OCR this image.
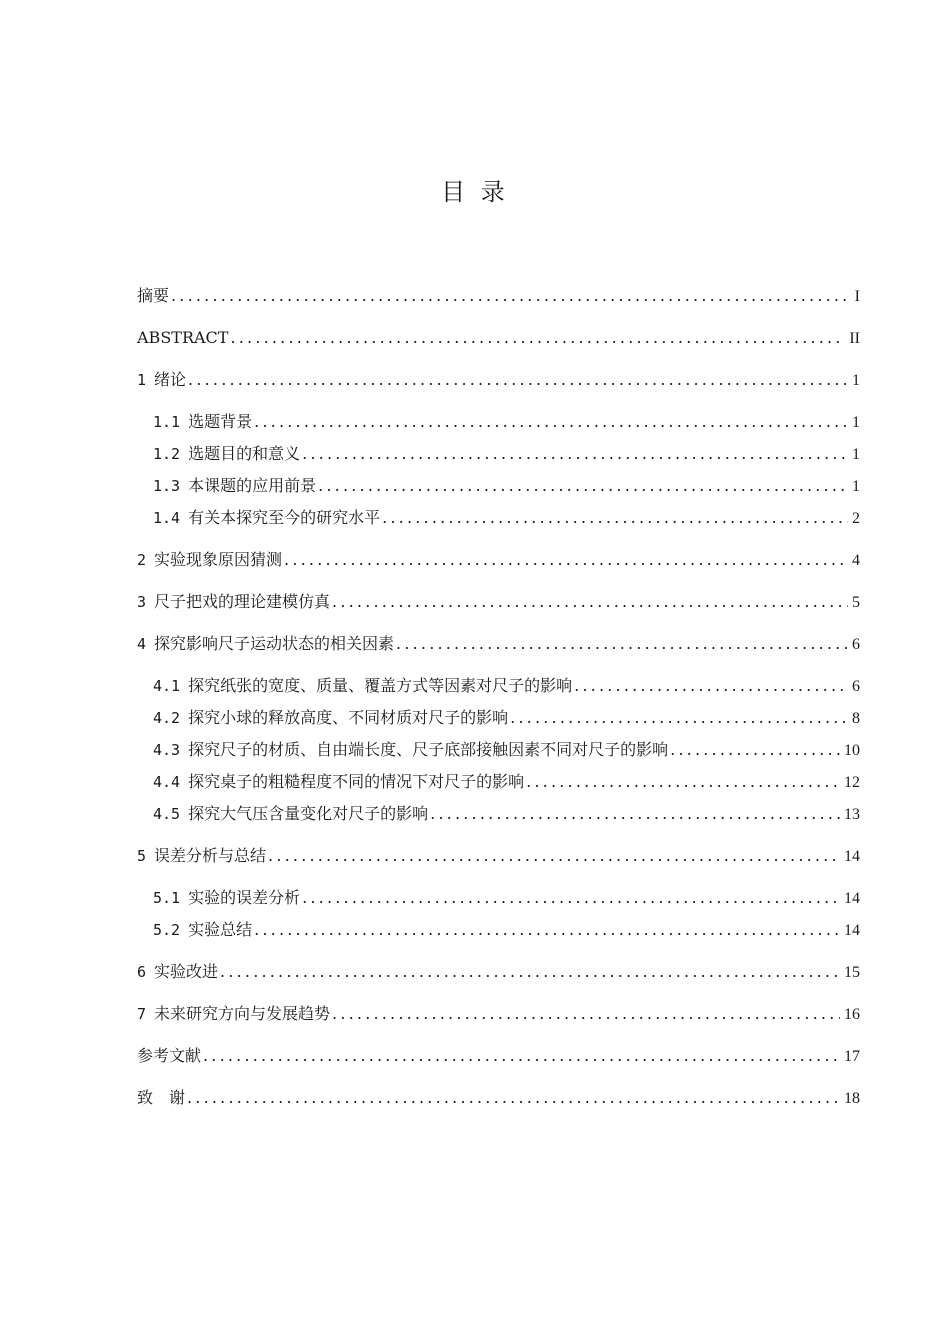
目 录
摘要 .....	I
ABSTRACT .....	II
1 绪论 .....	1
1.1 选题背景 .....	1
1.2 选题目的和意义 .....	1
1.3 本课题的应用前景 .....	1
1.4 有关本探究至今的研究水平 .....	2
2 实验现象原因猜测 .....	4
3 尺子把戏的理论建模仿真 .....	5
4 探究影响尺子运动状态的相关因素 .....	6
4.1 探究纸张的宽度、质量、覆盖方式等因素对尺子的影响 .....	6
4.2 探究小球的释放高度、不同材质对尺子的影响 .....	8
4.3 探究尺子的材质、自由端长度、尺子底部接触因素不同对尺子的影响 .....	10
4.4 探究桌子的粗糙程度不同的情况下对尺子的影响 .....	12
4.5 探究大气压含量变化对尺子的影响 .....	13
5 误差分析与总结 .....	14
5.1 实验的误差分析 .....	14
5.2 实验总结 .....	14
6 实验改进 .....	15
7 未来研究方向与发展趋势 .....	16
参考文献 .....	17
致　谢 .....	18
